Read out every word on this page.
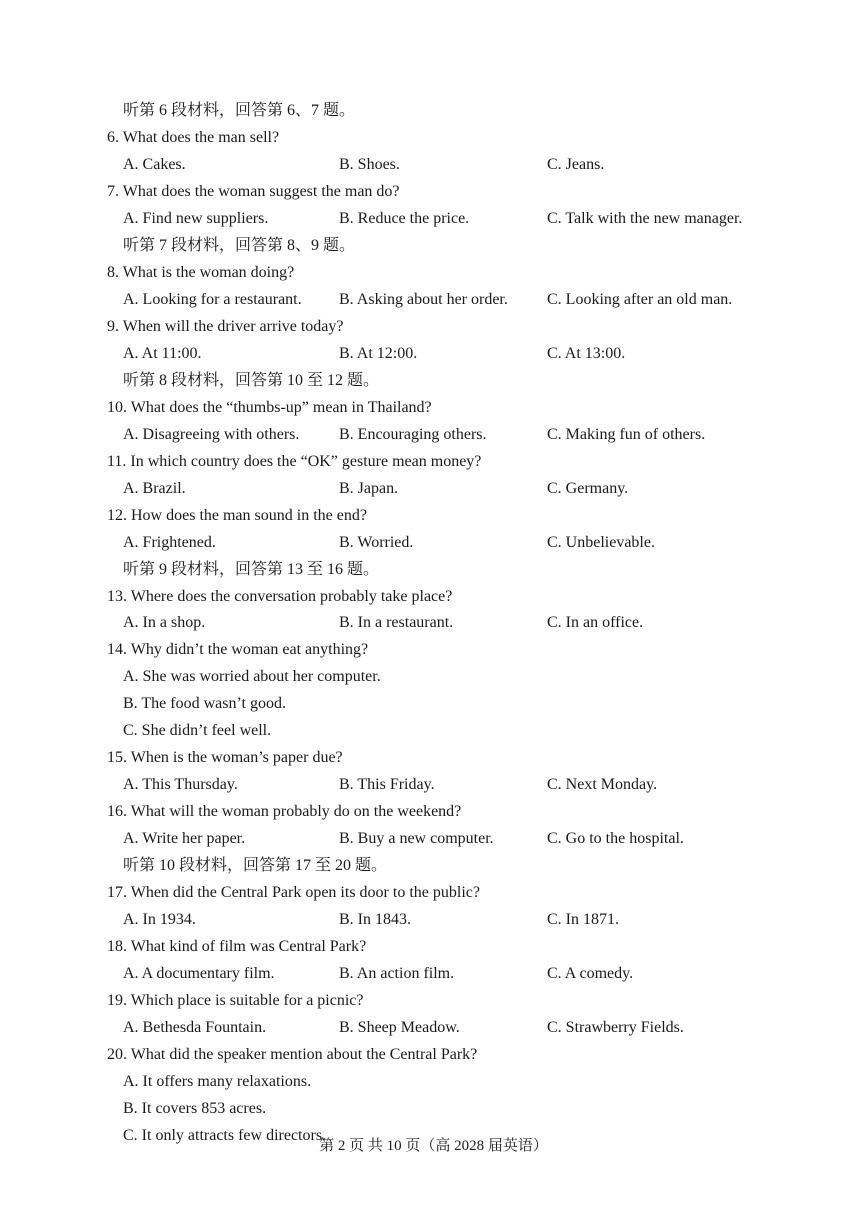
听第 6 段材料，回答第 6、7 题。
6. What does the man sell?
A. Cakes.	B. Shoes.	C. Jeans.
7. What does the woman suggest the man do?
A. Find new suppliers.	B. Reduce the price.	C. Talk with the new manager.
听第 7 段材料，回答第 8、9 题。
8. What is the woman doing?
A. Looking for a restaurant. B. Asking about her order. C. Looking after an old man.
9. When will the driver arrive today?
A. At 11:00.	B. At 12:00.	C. At 13:00.
听第 8 段材料，回答第 10 至 12 题。
10. What does the “thumbs-up” mean in Thailand?
A. Disagreeing with others. B. Encouraging others.	C. Making fun of others.
11. In which country does the “OK” gesture mean money?
A. Brazil.	B. Japan.	C. Germany.
12. How does the man sound in the end?
A. Frightened.	B. Worried.	C. Unbelievable.
听第 9 段材料，回答第 13 至 16 题。
13. Where does the conversation probably take place?
A. In a shop.	B. In a restaurant.	C. In an office.
14. Why didn’t the woman eat anything?
A. She was worried about her computer.
B. The food wasn’t good.
C. She didn’t feel well.
15. When is the woman’s paper due?
A. This Thursday.	B. This Friday.	C. Next Monday.
16. What will the woman probably do on the weekend?
A. Write her paper.	B. Buy a new computer.	C. Go to the hospital.
听第 10 段材料，回答第 17 至 20 题。
17. When did the Central Park open its door to the public?
A. In 1934.	B. In 1843.	C. In 1871.
18. What kind of film was Central Park?
A. A documentary film.	B. An action film.	C. A comedy.
19. Which place is suitable for a picnic?
A. Bethesda Fountain.	B. Sheep Meadow.	C. Strawberry Fields.
20. What did the speaker mention about the Central Park?
A. It offers many relaxations.
B. It covers 853 acres.
C. It only attracts few directors.
第 2 页 共 10 页（高 2028 届英语）
